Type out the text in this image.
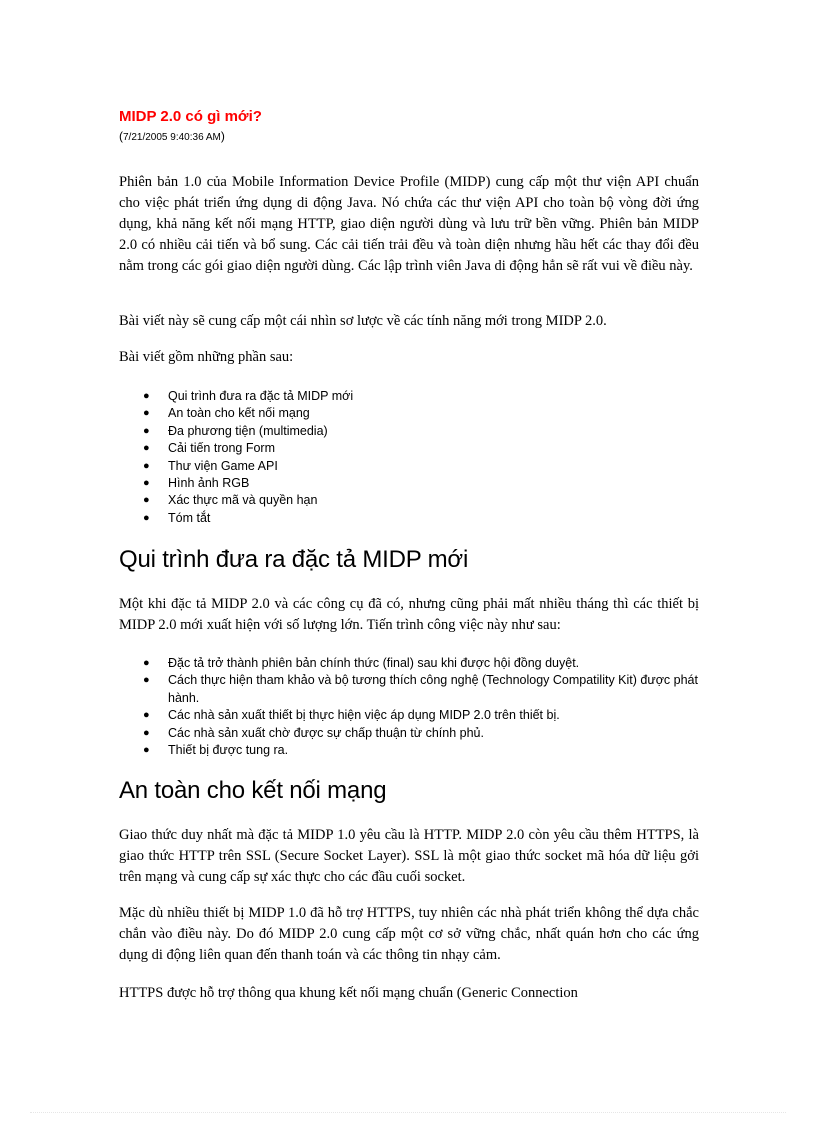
MIDP 2.0 có gì mới?
(7/21/2005 9:40:36 AM)

Phiên bản 1.0 của Mobile Information Device Profile (MIDP) cung cấp một thư viện API chuẩn cho việc phát triển ứng dụng di động Java. Nó chứa các thư viện API cho toàn bộ vòng đời ứng dụng, khả năng kết nối mạng HTTP, giao diện người dùng và lưu trữ bền vững. Phiên bản MIDP 2.0 có nhiều cải tiến và bổ sung. Các cải tiến trải đều và toàn diện nhưng hầu hết các thay đổi đều nằm trong các gói giao diện người dùng. Các lập trình viên Java di động hẳn sẽ rất vui về điều này.

Bài viết này sẽ cung cấp một cái nhìn sơ lược về các tính năng mới trong MIDP 2.0.

Bài viết gồm những phần sau:

● Qui trình đưa ra đặc tả MIDP mới
● An toàn cho kết nối mạng
● Đa phương tiện (multimedia)
● Cải tiến trong Form
● Thư viện Game API
● Hình ảnh RGB
● Xác thực mã và quyền hạn
● Tóm tắt
Qui trình đưa ra đặc tả MIDP mới

Một khi đặc tả MIDP 2.0 và các công cụ đã có, nhưng cũng phải mất nhiều tháng thì các thiết bị MIDP 2.0 mới xuất hiện với số lượng lớn. Tiến trình công việc này như sau:

● Đặc tả trở thành phiên bản chính thức (final) sau khi được hội đồng duyệt.
● Cách thực hiện tham khảo và bộ tương thích công nghệ (Technology Compatility Kit) được phát hành.
● Các nhà sản xuất thiết bị thực hiện việc áp dụng MIDP 2.0 trên thiết bị.
● Các nhà sản xuất chờ được sự chấp thuận từ chính phủ.
● Thiết bị được tung ra.
An toàn cho kết nối mạng

Giao thức duy nhất mà đặc tả MIDP 1.0 yêu cầu là HTTP. MIDP 2.0 còn yêu cầu thêm HTTPS, là giao thức HTTP trên SSL (Secure Socket Layer). SSL là một giao thức socket mã hóa dữ liệu gởi trên mạng và cung cấp sự xác thực cho các đầu cuối socket.

Mặc dù nhiều thiết bị MIDP 1.0 đã hỗ trợ HTTPS, tuy nhiên các nhà phát triển không thể dựa chắc chắn vào điều này. Do đó MIDP 2.0 cung cấp một cơ sở vững chắc, nhất quán hơn cho các ứng dụng di động liên quan đến thanh toán và các thông tin nhạy cảm.

HTTPS được hỗ trợ thông qua khung kết nối mạng chuẩn (Generic Connection
